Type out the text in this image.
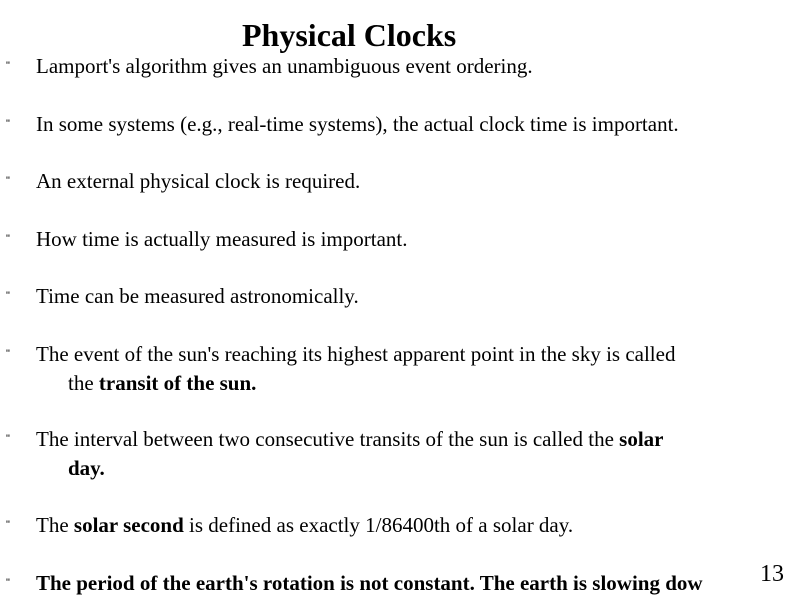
Physical Clocks
" Lamport's algorithm gives an unambiguous event ordering.
" In some systems (e.g., real-time systems), the actual clock time is important.
" An external physical clock is required.
" How time is actually measured is important.
" Time can be measured astronomically.
" The event of the sun's reaching its highest apparent point in the sky is called
the transit of the sun.
" The interval between two consecutive transits of the sun is called the solar
day.
" The solar second is defined as exactly 1/86400th of a solar day.
" The period of the earth's rotation is not constant. The earth is slowing dow 13
